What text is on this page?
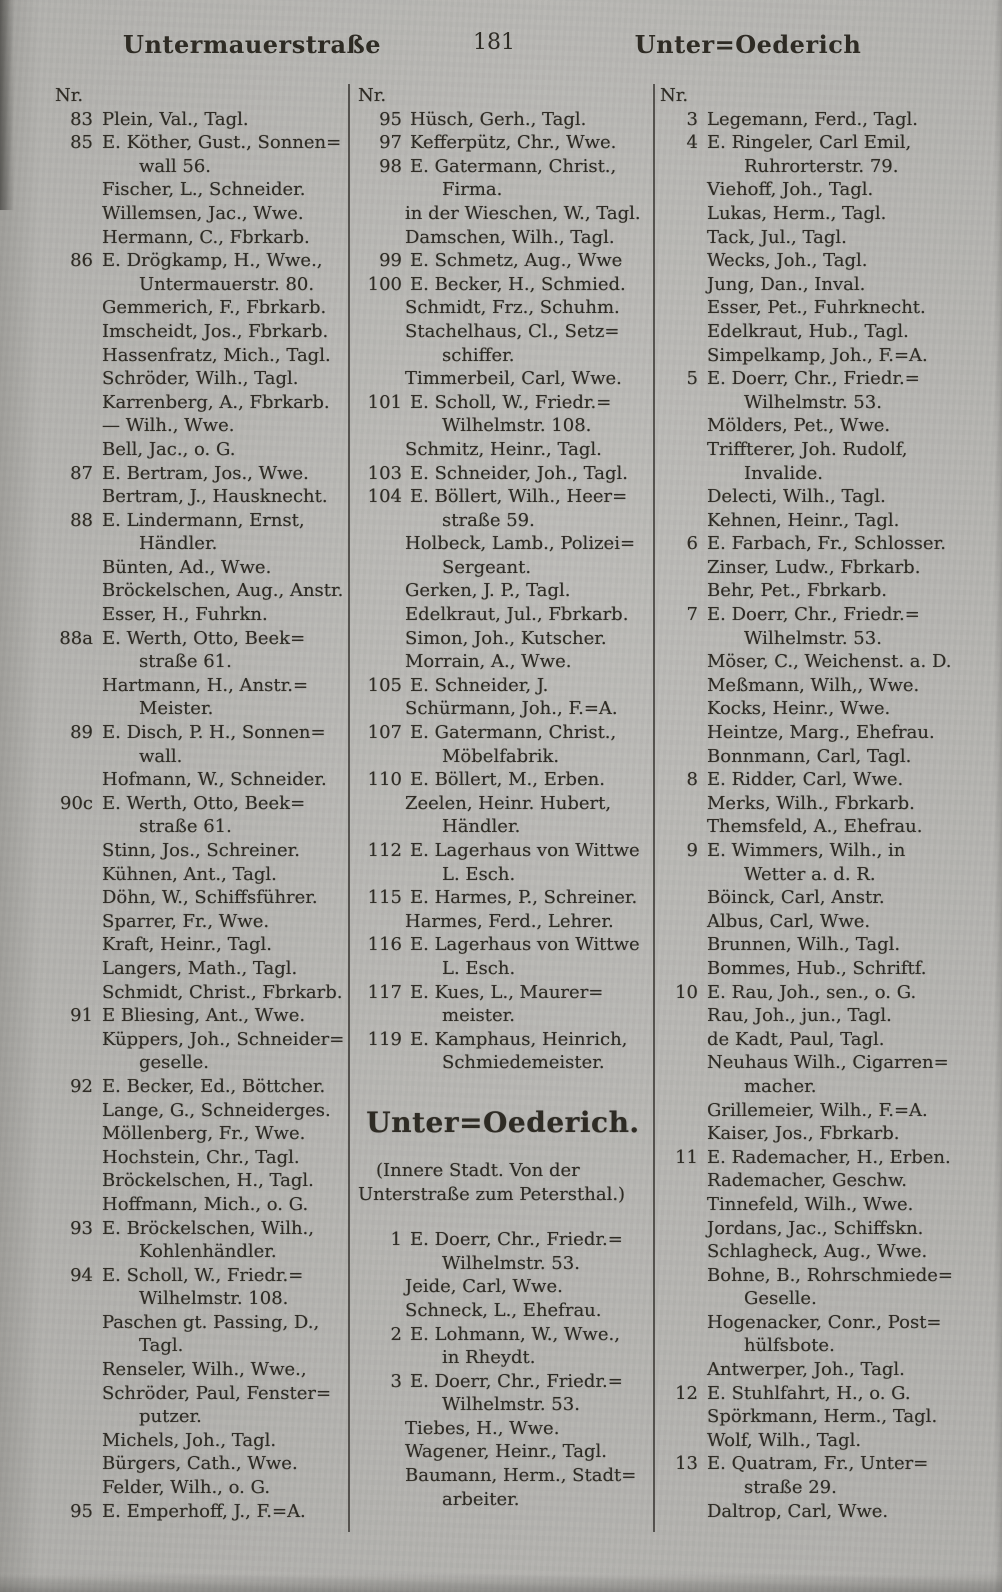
Untermauerstraße	181	Unter=Oederich
Nr.
83 Plein, Val., Tagl.
85 E. Köther, Gust., Sonnen=
wall 56.
Fischer, L., Schneider.
Willemsen, Jac., Wwe.
Hermann, C., Fbrkarb.
86 E. Drögkamp, H., Wwe.,
Untermauerstr. 80.
Gemmerich, F., Fbrkarb.
Imscheidt, Jos., Fbrkarb.
Hassenfratz, Mich., Tagl.
Schröder, Wilh., Tagl.
Karrenberg, A., Fbrkarb.
— Wilh., Wwe.
Bell, Jac., o. G.
87 E. Bertram, Jos., Wwe.
Bertram, J., Hausknecht.
88 E. Lindermann, Ernst,
Händler.
Bünten, Ad., Wwe.
Bröckelschen, Aug., Anstr.
Esser, H., Fuhrkn.
88a E. Werth, Otto, Beek=
straße 61.
Hartmann, H., Anstr.=
Meister.
89 E. Disch, P. H., Sonnen=
wall.
Hofmann, W., Schneider.
90c E. Werth, Otto, Beek=
straße 61.
Stinn, Jos., Schreiner.
Kühnen, Ant., Tagl.
Döhn, W., Schiffsführer.
Sparrer, Fr., Wwe.
Kraft, Heinr., Tagl.
Langers, Math., Tagl.
Schmidt, Christ., Fbrkarb.
91 E Bliesing, Ant., Wwe.
Küppers, Joh., Schneider=
geselle.
92 E. Becker, Ed., Böttcher.
Lange, G., Schneiderges.
Möllenberg, Fr., Wwe.
Hochstein, Chr., Tagl.
Bröckelschen, H., Tagl.
Hoffmann, Mich., o. G.
93 E. Bröckelschen, Wilh.,
Kohlenhändler.
94 E. Scholl, W., Friedr.=
Wilhelmstr. 108.
Paschen gt. Passing, D.,
Tagl.
Renseler, Wilh., Wwe.,
Schröder, Paul, Fenster=
putzer.
Michels, Joh., Tagl.
Bürgers, Cath., Wwe.
Felder, Wilh., o. G.
95 E. Emperhoff, J., F.=A.
Nr.
95 Hüsch, Gerh., Tagl.
97 Kefferpütz, Chr., Wwe.
98 E. Gatermann, Christ.,
Firma.
in der Wieschen, W., Tagl.
Damschen, Wilh., Tagl.
99 E. Schmetz, Aug., Wwe
100 E. Becker, H., Schmied.
Schmidt, Frz., Schuhm.
Stachelhaus, Cl., Setz=
schiffer.
Timmerbeil, Carl, Wwe.
101 E. Scholl, W., Friedr.=
Wilhelmstr. 108.
Schmitz, Heinr., Tagl.
103 E. Schneider, Joh., Tagl.
104 E. Böllert, Wilh., Heer=
straße 59.
Holbeck, Lamb., Polizei=
Sergeant.
Gerken, J. P., Tagl.
Edelkraut, Jul., Fbrkarb.
Simon, Joh., Kutscher.
Morrain, A., Wwe.
105 E. Schneider, J.
Schürmann, Joh., F.=A.
107 E. Gatermann, Christ.,
Möbelfabrik.
110 E. Böllert, M., Erben.
Zeelen, Heinr. Hubert,
Händler.
112 E. Lagerhaus von Wittwe
L. Esch.
115 E. Harmes, P., Schreiner.
Harmes, Ferd., Lehrer.
116 E. Lagerhaus von Wittwe
L. Esch.
117 E. Kues, L., Maurer=
meister.
119 E. Kamphaus, Heinrich,
Schmiedemeister.
Unter=Oederich.
(Innere Stadt. Von der
Unterstraße zum Petersthal.)
1 E. Doerr, Chr., Friedr.=
Wilhelmstr. 53.
Jeide, Carl, Wwe.
Schneck, L., Ehefrau.
2 E. Lohmann, W., Wwe.,
in Rheydt.
3 E. Doerr, Chr., Friedr.=
Wilhelmstr. 53.
Tiebes, H., Wwe.
Wagener, Heinr., Tagl.
Baumann, Herm., Stadt=
arbeiter.
Nr.
3 Legemann, Ferd., Tagl.
4 E. Ringeler, Carl Emil,
Ruhrorterstr. 79.
Viehoff, Joh., Tagl.
Lukas, Herm., Tagl.
Tack, Jul., Tagl.
Wecks, Joh., Tagl.
Jung, Dan., Inval.
Esser, Pet., Fuhrknecht.
Edelkraut, Hub., Tagl.
Simpelkamp, Joh., F.=A.
5 E. Doerr, Chr., Friedr.=
Wilhelmstr. 53.
Mölders, Pet., Wwe.
Triffterer, Joh. Rudolf,
Invalide.
Delecti, Wilh., Tagl.
Kehnen, Heinr., Tagl.
6 E. Farbach, Fr., Schlosser.
Zinser, Ludw., Fbrkarb.
Behr, Pet., Fbrkarb.
7 E. Doerr, Chr., Friedr.=
Wilhelmstr. 53.
Möser, C., Weichenst. a. D.
Meßmann, Wilh,, Wwe.
Kocks, Heinr., Wwe.
Heintze, Marg., Ehefrau.
Bonnmann, Carl, Tagl.
8 E. Ridder, Carl, Wwe.
Merks, Wilh., Fbrkarb.
Themsfeld, A., Ehefrau.
9 E. Wimmers, Wilh., in
Wetter a. d. R.
Böinck, Carl, Anstr.
Albus, Carl, Wwe.
Brunnen, Wilh., Tagl.
Bommes, Hub., Schriftf.
10 E. Rau, Joh., sen., o. G.
Rau, Joh., jun., Tagl.
de Kadt, Paul, Tagl.
Neuhaus Wilh., Cigarren=
macher.
Grillemeier, Wilh., F.=A.
Kaiser, Jos., Fbrkarb.
11 E. Rademacher, H., Erben.
Rademacher, Geschw.
Tinnefeld, Wilh., Wwe.
Jordans, Jac., Schiffskn.
Schlagheck, Aug., Wwe.
Bohne, B., Rohrschmiede=
Geselle.
Hogenacker, Conr., Post=
hülfsbote.
Antwerper, Joh., Tagl.
12 E. Stuhlfahrt, H., o. G.
Spörkmann, Herm., Tagl.
Wolf, Wilh., Tagl.
13 E. Quatram, Fr., Unter=
straße 29.
Daltrop, Carl, Wwe.
